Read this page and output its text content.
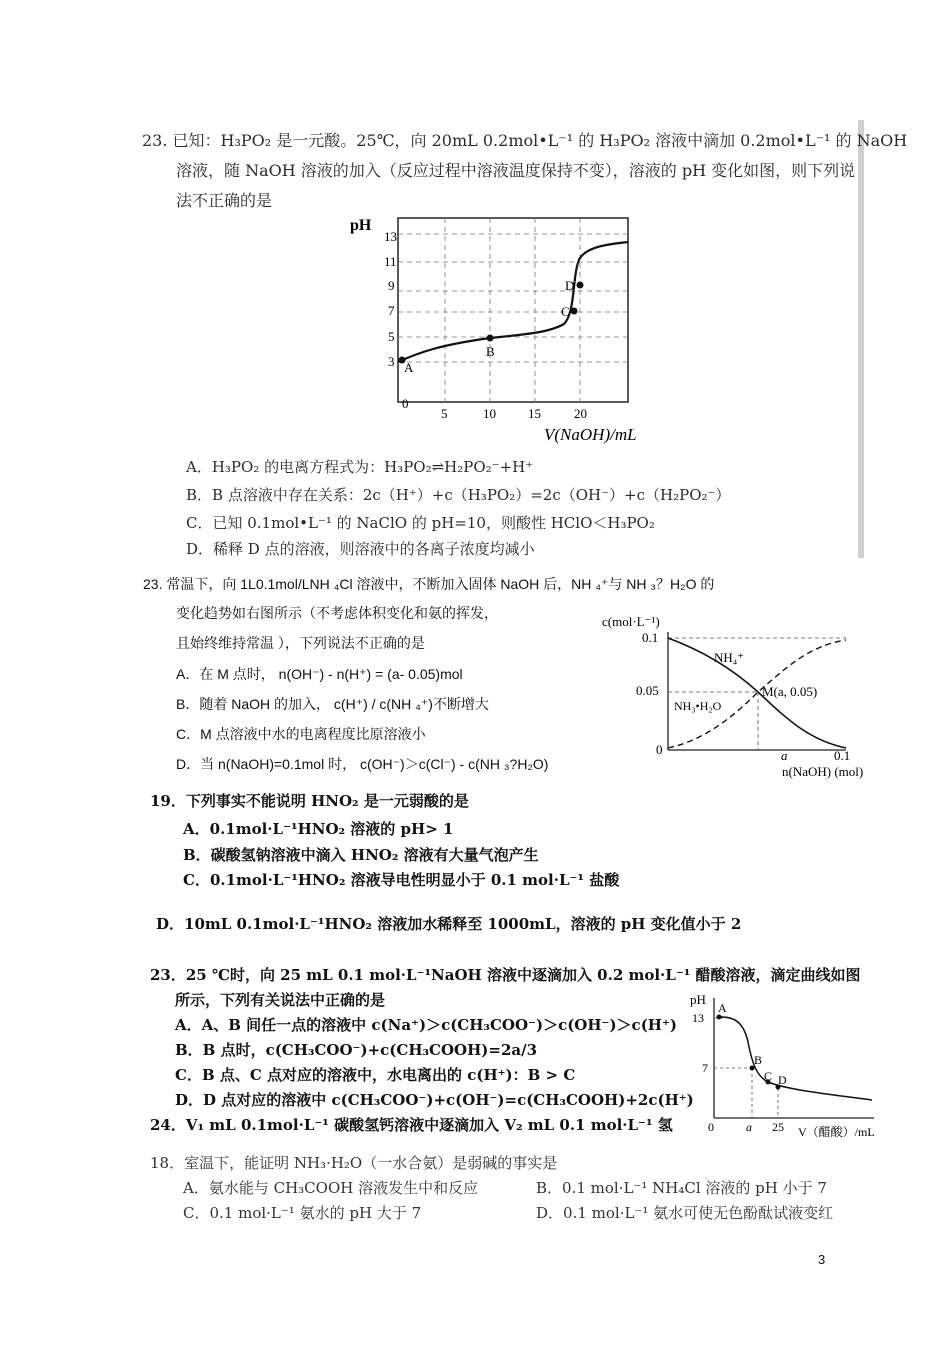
23. 已知：H₃PO₂ 是一元酸。25℃，向 20mL 0.2mol•L⁻¹ 的 H₃PO₂ 溶液中滴加 0.2mol•L⁻¹ 的 NaOH
溶液，随 NaOH 溶液的加入（反应过程中溶液温度保持不变），溶液的 pH 变化如图，则下列说
法不正确的是
pH
13
11
9
7
5
3
0
5	10 15	20
V(NaOH)/mL
A
B
C
D
A．H₃PO₂ 的电离方程式为：H₃PO₂⇌H₂PO₂⁻+H⁺
B．B 点溶液中存在关系：2c（H⁺）+c（H₃PO₂）=2c（OH⁻）+c（H₂PO₂⁻）
C．已知 0.1mol•L⁻¹ 的 NaClO 的 pH=10，则酸性 HClO＜H₃PO₂
D．稀释 D 点的溶液，则溶液中的各离子浓度均减小
23. 常温下，向 1L0.1mol/LNH ₄Cl 溶液中，不断加入固体 NaOH 后，NH ₄⁺与 NH ₃？H₂O 的
变化趋势如右图所示（不考虑体积变化和氨的挥发，
且始终维持常温 ），下列说法不正确的是
A．在 M 点时， n(OH⁻) - n(H⁺) = (a- 0.05)mol
B．随着 NaOH 的加入， c(H⁺) / c(NH ₄⁺)不断增大
C．M 点溶液中水的电离程度比原溶液小
D．当 n(NaOH)=0.1mol 时， c(OH⁻)＞c(Cl⁻) - c(NH ₃?H₂O)
c(mol·L⁻¹)
0.1
0.05
0	a	0.1
n(NaOH) (mol)
NH₄⁺
NH₃•H₂O
M(a, 0.05)
19．下列事实不能说明 HNO₂ 是一元弱酸的是
A．0.1mol·L⁻¹HNO₂ 溶液的 pH> 1
B．碳酸氢钠溶液中滴入 HNO₂ 溶液有大量气泡产生
C．0.1mol·L⁻¹HNO₂ 溶液导电性明显小于 0.1 mol·L⁻¹ 盐酸
D．10mL 0.1mol·L⁻¹HNO₂ 溶液加水稀释至 1000mL，溶液的 pH 变化值小于 2
23．25 ℃时，向 25 mL 0.1 mol·L⁻¹NaOH 溶液中逐滴加入 0.2 mol·L⁻¹ 醋酸溶液，滴定曲线如图
所示，下列有关说法中正确的是
A．A、B 间任一点的溶液中 c(Na⁺)＞c(CH₃COO⁻)＞c(OH⁻)＞c(H⁺)
B．B 点时，c(CH₃COO⁻)+c(CH₃COOH)=2a/3
C．B 点、C 点对应的溶液中，水电离出的 c(H⁺)：B > C
D．D 点对应的溶液中 c(CH₃COO⁻)+c(OH⁻)=c(CH₃COOH)+2c(H⁺)
24．V₁ mL 0.1mol·L⁻¹ 碳酸氢钙溶液中逐滴加入 V₂ mL 0.1 mol·L⁻¹ 氢
pH
13
7
0	a 25 V（醋酸）/mL
A
B
C D
18．室温下，能证明 NH₃·H₂O（一水合氨）是弱碱的事实是
A．氨水能与 CH₃COOH 溶液发生中和反应	B．0.1 mol·L⁻¹ NH₄Cl 溶液的 pH 小于 7
C．0.1 mol·L⁻¹ 氨水的 pH 大于 7	D．0.1 mol·L⁻¹ 氨水可使无色酚酞试液变红
3
